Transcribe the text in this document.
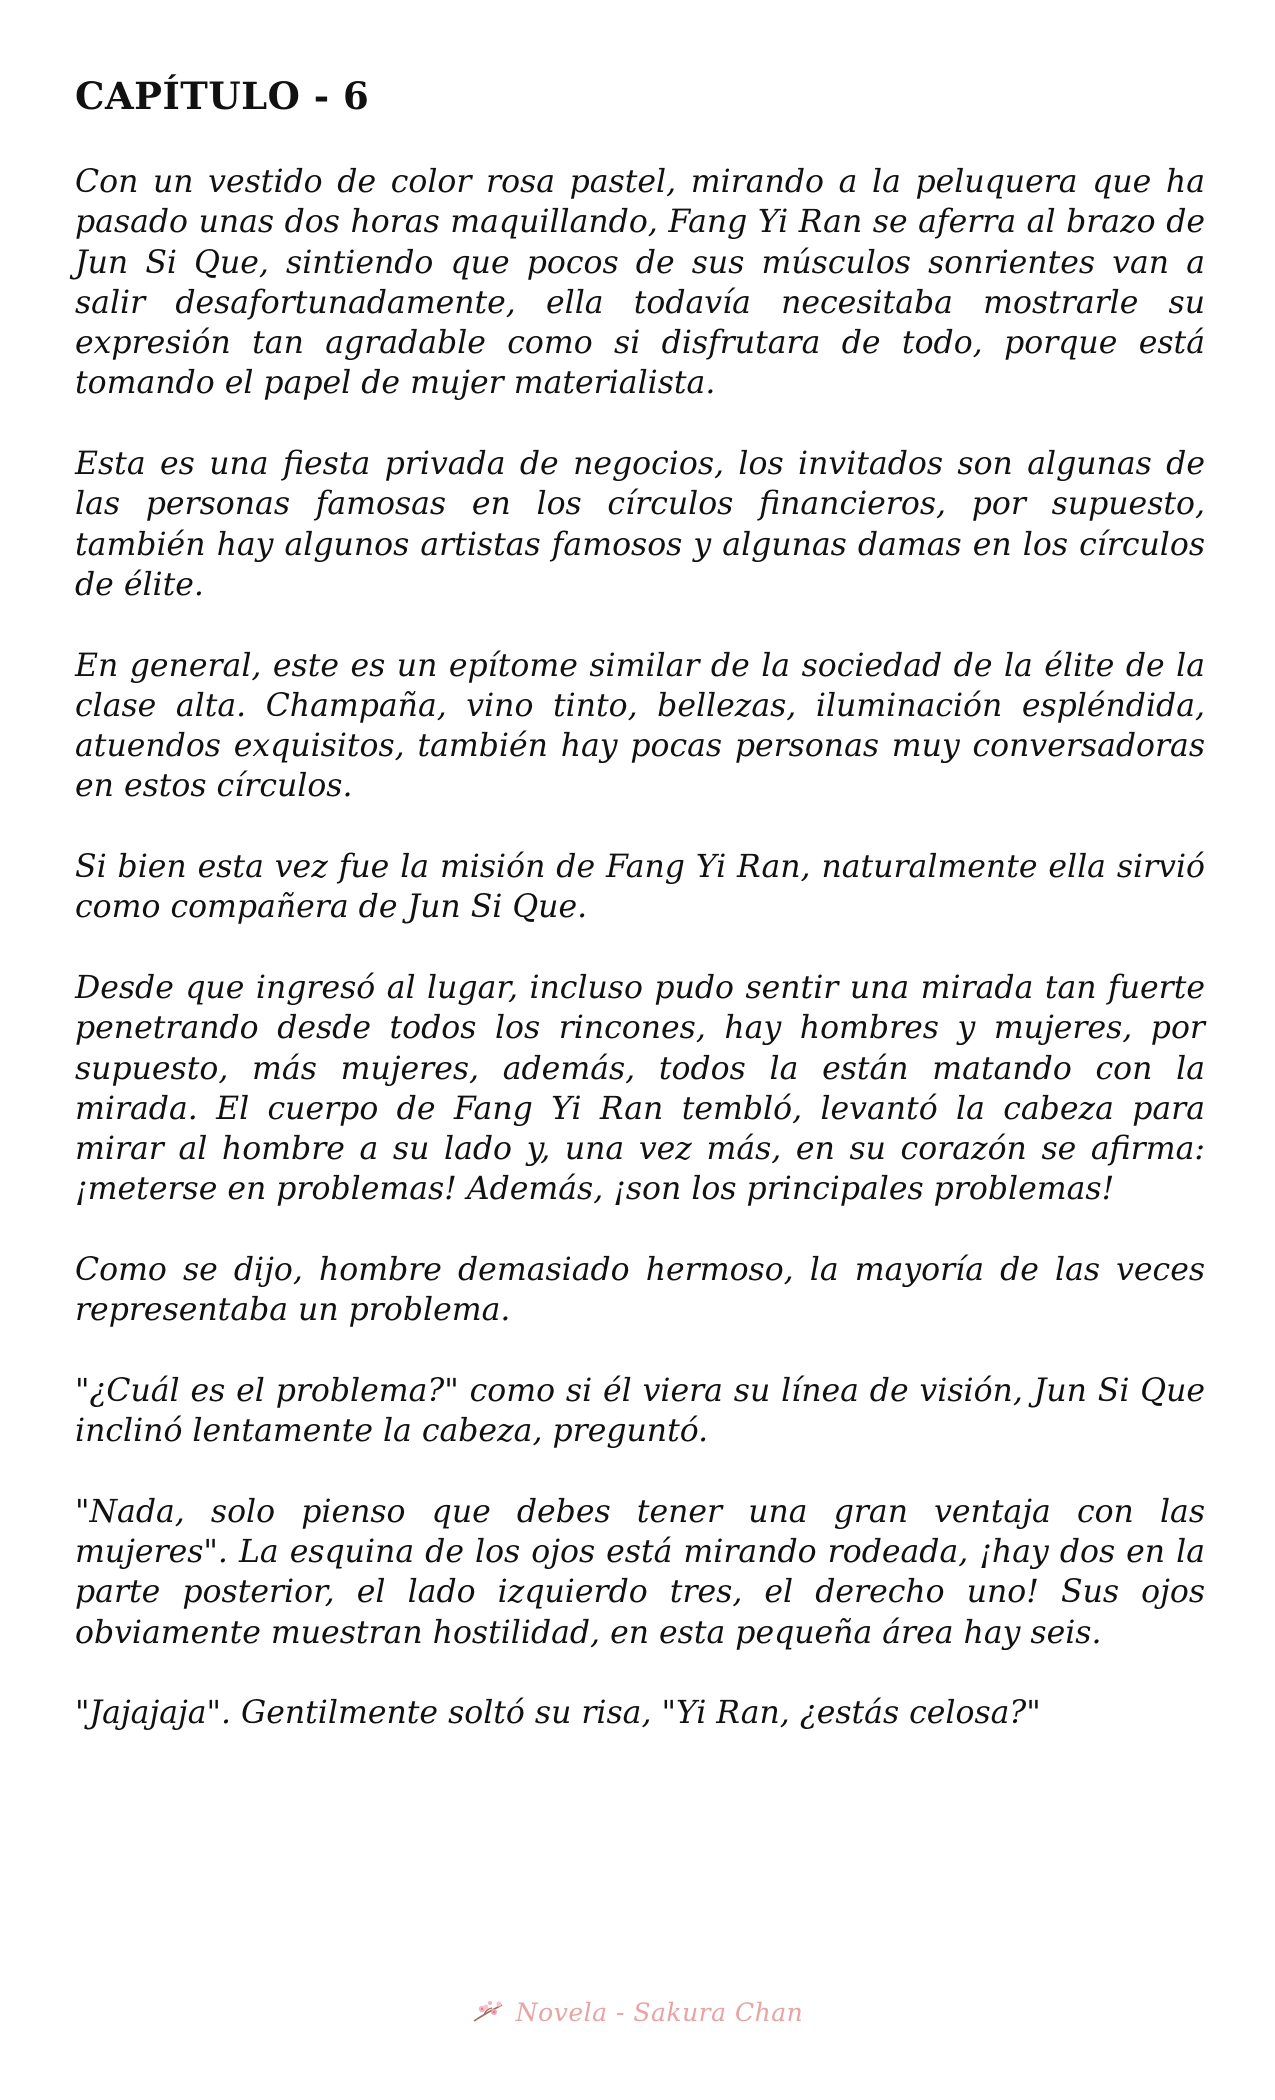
CAPÍTULO - 6

Con un vestido de color rosa pastel, mirando a la peluquera que ha pasado unas dos horas maquillando, Fang Yi Ran se aferra al brazo de Jun Si Que, sintiendo que pocos de sus músculos sonrientes van a salir desafortunadamente, ella todavía necesitaba mostrarle su expresión tan agradable como si disfrutara de todo, porque está tomando el papel de mujer materialista.

Esta es una fiesta privada de negocios, los invitados son algunas de las personas famosas en los círculos financieros, por supuesto, también hay algunos artistas famosos y algunas damas en los círculos de élite.

En general, este es un epítome similar de la sociedad de la élite de la clase alta. Champaña, vino tinto, bellezas, iluminación espléndida, atuendos exquisitos, también hay pocas personas muy conversadoras en estos círculos.

Si bien esta vez fue la misión de Fang Yi Ran, naturalmente ella sirvió como compañera de Jun Si Que.

Desde que ingresó al lugar, incluso pudo sentir una mirada tan fuerte penetrando desde todos los rincones, hay hombres y mujeres, por supuesto, más mujeres, además, todos la están matando con la mirada. El cuerpo de Fang Yi Ran tembló, levantó la cabeza para mirar al hombre a su lado y, una vez más, en su corazón se afirma: ¡meterse en problemas! Además, ¡son los principales problemas!

Como se dijo, hombre demasiado hermoso, la mayoría de las veces representaba un problema.

"¿Cuál es el problema?" como si él viera su línea de visión, Jun Si Que inclinó lentamente la cabeza, preguntó.

"Nada, solo pienso que debes tener una gran ventaja con las mujeres". La esquina de los ojos está mirando rodeada, ¡hay dos en la parte posterior, el lado izquierdo tres, el derecho uno! Sus ojos obviamente muestran hostilidad, en esta pequeña área hay seis.

"Jajajaja". Gentilmente soltó su risa, "Yi Ran, ¿estás celosa?"

Novela - Sakura Chan
